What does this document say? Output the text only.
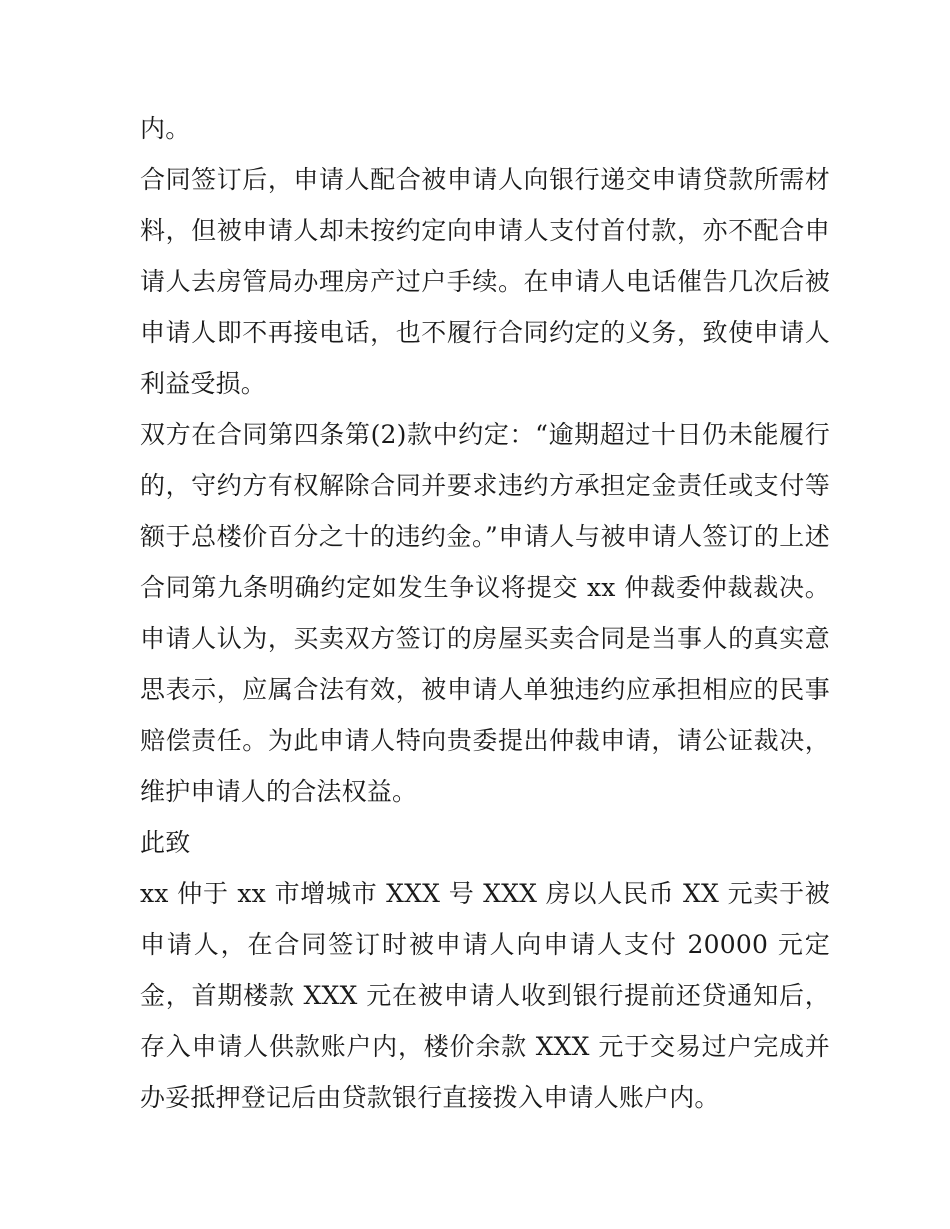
内。

合同签订后，申请人配合被申请人向银行递交申请贷款所需材料，但被申请人却未按约定向申请人支付首付款，亦不配合申请人去房管局办理房产过户手续。在申请人电话催告几次后被申请人即不再接电话，也不履行合同约定的义务，致使申请人利益受损。

双方在合同第四条第(2)款中约定：“逾期超过十日仍未能履行的，守约方有权解除合同并要求违约方承担定金责任或支付等额于总楼价百分之十的违约金。”申请人与被申请人签订的上述合同第九条明确约定如发生争议将提交 xx 仲裁委仲裁裁决。申请人认为，买卖双方签订的房屋买卖合同是当事人的真实意思表示，应属合法有效，被申请人单独违约应承担相应的民事赔偿责任。为此申请人特向贵委提出仲裁申请，请公证裁决，维护申请人的合法权益。

此致

xx 仲于 xx 市增城市 XXX 号 XXX 房以人民币 XX 元卖于被申请人，在合同签订时被申请人向申请人支付 20000 元定金，首期楼款 XXX 元在被申请人收到银行提前还贷通知后，存入申请人供款账户内，楼价余款 XXX 元于交易过户完成并办妥抵押登记后由贷款银行直接拨入申请人账户内。
